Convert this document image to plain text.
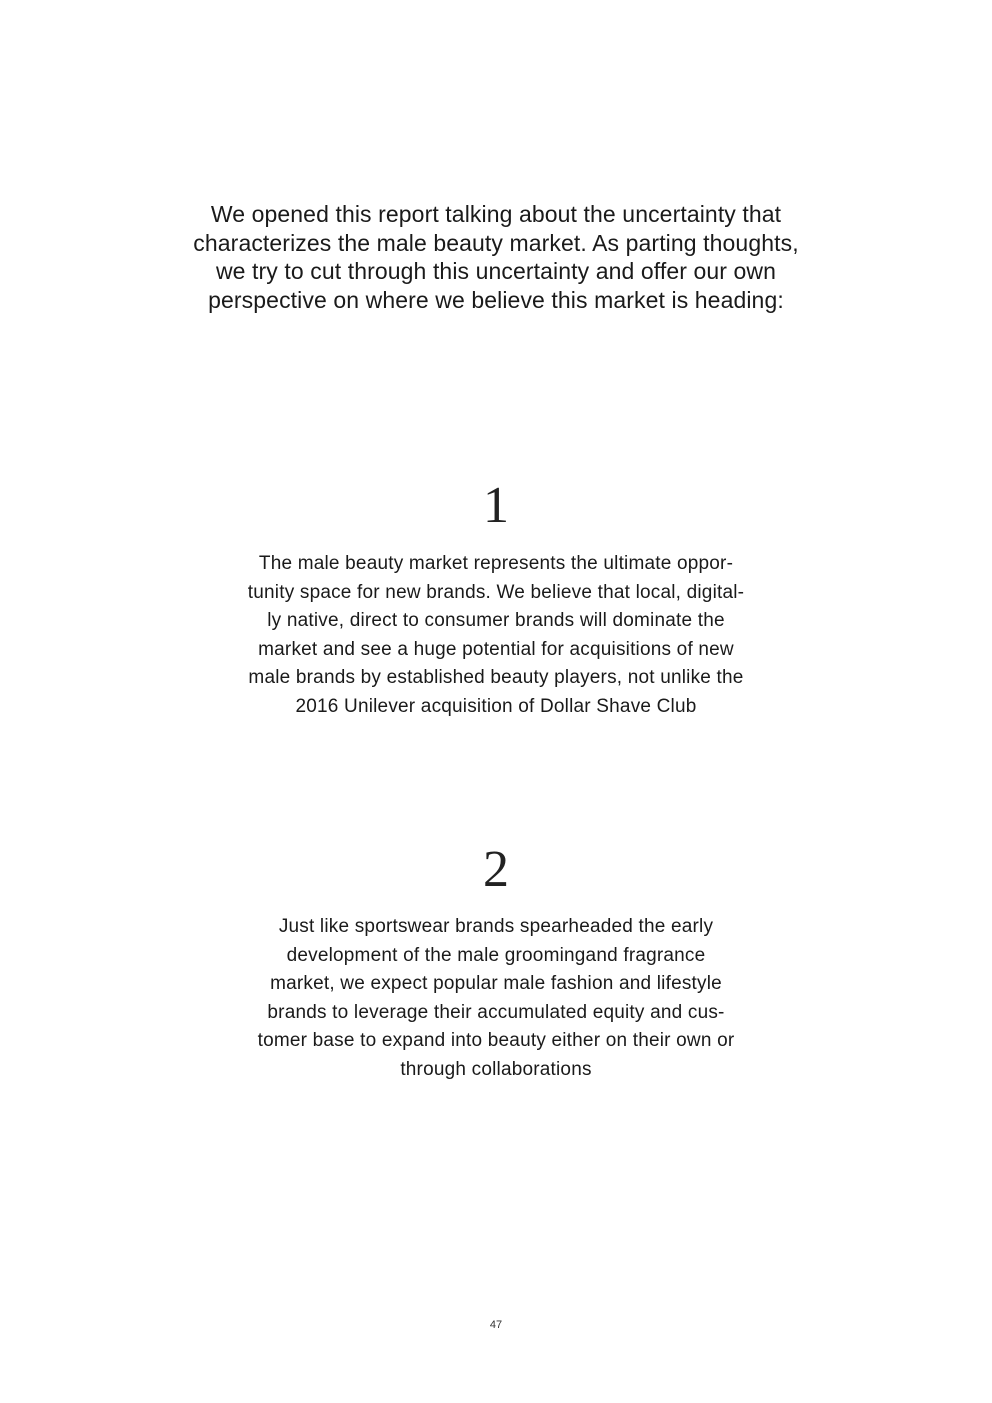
We opened this report talking about the uncertainty that
characterizes the male beauty market. As parting thoughts,
we try to cut through this uncertainty and offer our own
perspective on where we believe this market is heading:

1

The male beauty market represents the ultimate oppor-
tunity space for new brands. We believe that local, digital-
ly native, direct to consumer brands will dominate the
market and see a huge potential for acquisitions of new
male brands by established beauty players, not unlike the
2016 Unilever acquisition of Dollar Shave Club

2

Just like sportswear brands spearheaded the early
development of the male groomingand fragrance
market, we expect popular male fashion and lifestyle
brands to leverage their accumulated equity and cus-
tomer base to expand into beauty either on their own or
through collaborations

47
